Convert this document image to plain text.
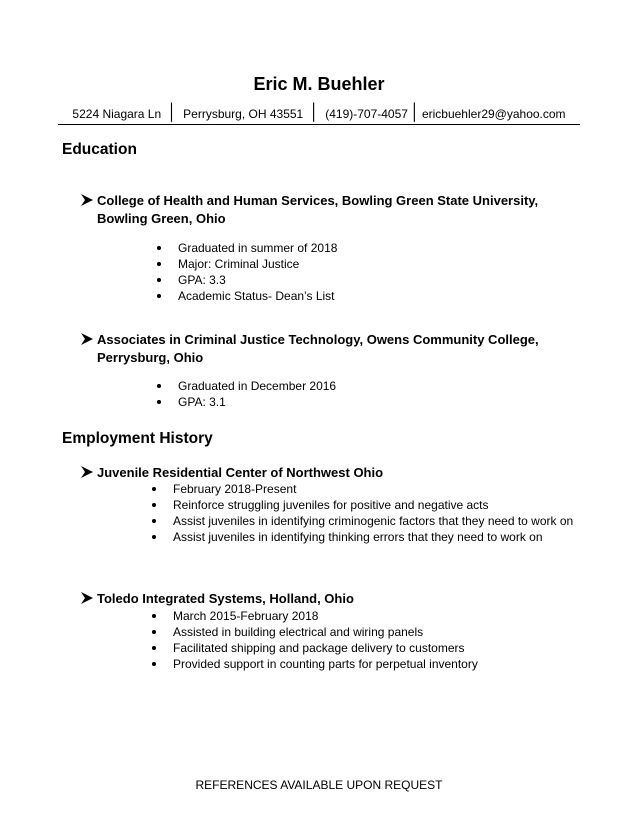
Eric M. Buehler
5224 Niagara Ln │ Perrysburg, OH 43551 │ (419)-707-4057 │ ericbuehler29@yahoo.com
Education
College of Health and Human Services, Bowling Green State University, Bowling Green, Ohio
Graduated in summer of 2018
Major: Criminal Justice
GPA: 3.3
Academic Status- Dean’s List
Associates in Criminal Justice Technology, Owens Community College, Perrysburg, Ohio
Graduated in December 2016
GPA: 3.1
Employment History
Juvenile Residential Center of Northwest Ohio
February 2018-Present
Reinforce struggling juveniles for positive and negative acts
Assist juveniles in identifying criminogenic factors that they need to work on
Assist juveniles in identifying thinking errors that they need to work on
Toledo Integrated Systems, Holland, Ohio
March 2015-February 2018
Assisted in building electrical and wiring panels
Facilitated shipping and package delivery to customers
Provided support in counting parts for perpetual inventory
REFERENCES AVAILABLE UPON REQUEST
